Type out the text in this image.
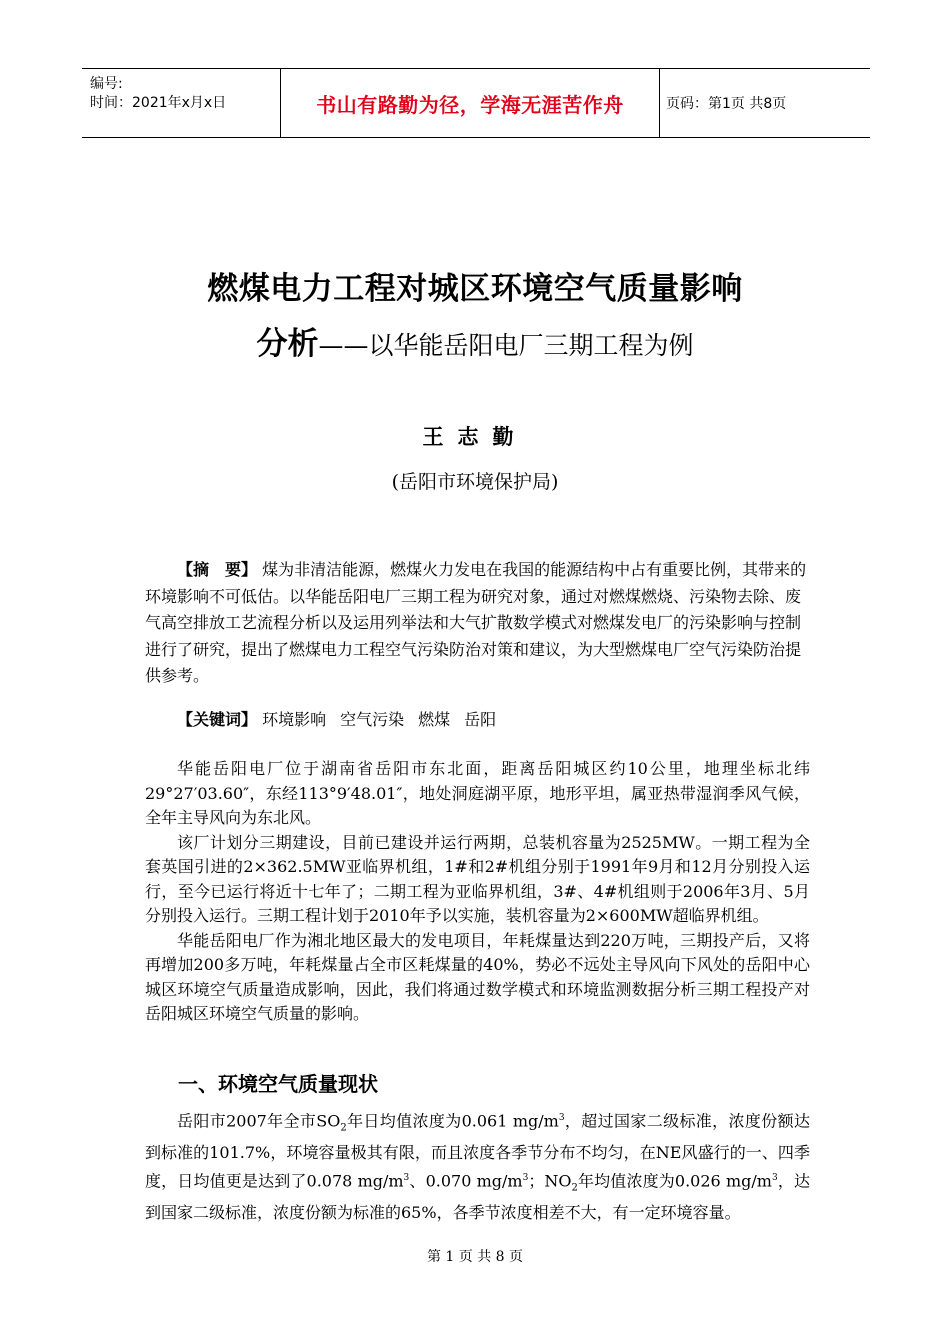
编号:
时间：2021年x月x日	书山有路勤为径，学海无涯苦作舟	页码：第1页 共8页
燃煤电力工程对城区环境空气质量影响
分析——以华能岳阳电厂三期工程为例
王志勤
(岳阳市环境保护局)

【摘　要】 煤为非清洁能源，燃煤火力发电在我国的能源结构中占有重要比例，其带来的环境影响不可低估。以华能岳阳电厂三期工程为研究对象，通过对燃煤燃烧、污染物去除、废气高空排放工艺流程分析以及运用列举法和大气扩散数学模式对燃煤发电厂的污染影响与控制进行了研究，提出了燃煤电力工程空气污染防治对策和建议，为大型燃煤电厂空气污染防治提供参考。

【关键词】 环境影响 空气污染 燃煤 岳阳

华能岳阳电厂位于湖南省岳阳市东北面，距离岳阳城区约10公里，地理坐标北纬29°27′03.60″，东经113°9′48.01″，地处洞庭湖平原，地形平坦，属亚热带湿润季风气候，全年主导风向为东北风。

该厂计划分三期建设，目前已建设并运行两期，总装机容量为2525MW。一期工程为全套英国引进的2×362.5MW亚临界机组，1#和2#机组分别于1991年9月和12月分别投入运行，至今已运行将近十七年了；二期工程为亚临界机组，3#、4#机组则于2006年3月、5月分别投入运行。三期工程计划于2010年予以实施，装机容量为2×600MW超临界机组。

华能岳阳电厂作为湘北地区最大的发电项目，年耗煤量达到220万吨，三期投产后，又将再增加200多万吨，年耗煤量占全市区耗煤量的40%，势必不远处主导风向下风处的岳阳中心城区环境空气质量造成影响，因此，我们将通过数学模式和环境监测数据分析三期工程投产对岳阳城区环境空气质量的影响。

一、环境空气质量现状

岳阳市2007年全市$SO_2$年日均值浓度为0.061 $mg/m^3$，超过国家二级标准，浓度份额达到标准的101.7%，环境容量极其有限，而且浓度各季节分布不均匀，在NE风盛行的一、四季度，日均值更是达到了0.078 $mg/m^3$、0.070 $mg/m^3$；$NO_2$年均值浓度为0.026 $mg/m^3$，达到国家二级标准，浓度份额为标准的65%，各季节浓度相差不大，有一定环境容量。

第 1 页 共 8 页
